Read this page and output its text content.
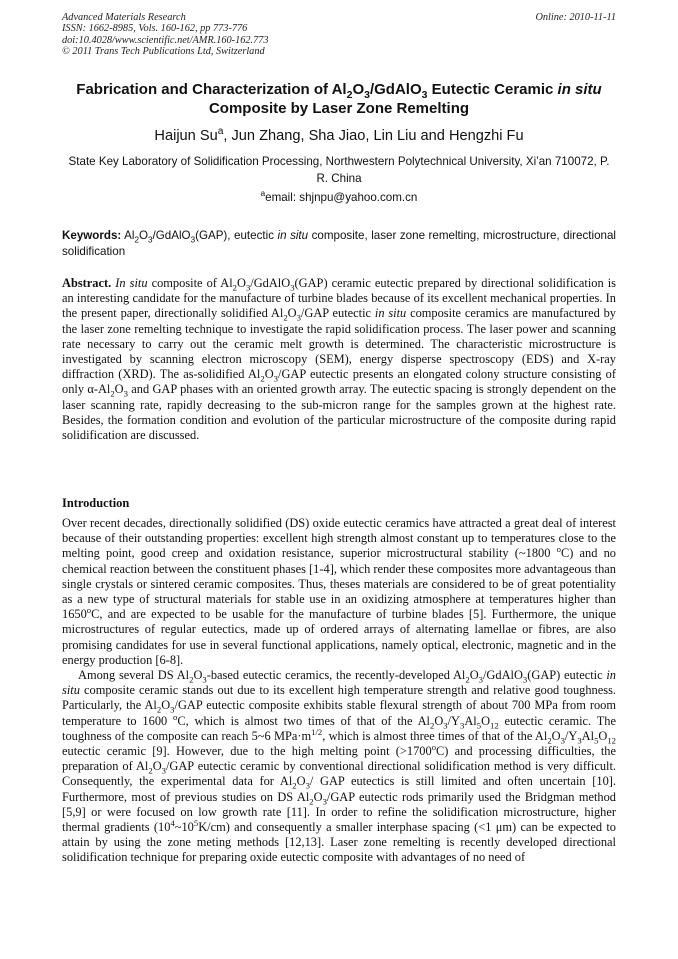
Advanced Materials Research
ISSN: 1662-8985, Vols. 160-162, pp 773-776
doi:10.4028/www.scientific.net/AMR.160-162.773
© 2011 Trans Tech Publications Ltd, Switzerland
Online: 2010-11-11
Fabrication and Characterization of $Al_2O_3/GdAlO_3$ Eutectic Ceramic in situ Composite by Laser Zone Remelting
Haijun Su$^a$, Jun Zhang, Sha Jiao, Lin Liu and Hengzhi Fu
State Key Laboratory of Solidification Processing, Northwestern Polytechnical University, Xi’an 710072, P. R. China
$^a$email: shjnpu@yahoo.com.cn
Keywords: $Al_2O_3/GdAlO_3(GAP)$, eutectic in situ composite, laser zone remelting, microstructure, directional solidification
Abstract. In situ composite of $Al_2O_3/GdAlO_3(GAP)$ ceramic eutectic prepared by directional solidification is an interesting candidate for the manufacture of turbine blades because of its excellent mechanical properties. In the present paper, directionally solidified $Al_2O_3$/GAP eutectic in situ composite ceramics are manufactured by the laser zone remelting technique to investigate the rapid solidification process. The laser power and scanning rate necessary to carry out the ceramic melt growth is determined. The characteristic microstructure is investigated by scanning electron microscopy (SEM), energy disperse spectroscopy (EDS) and X-ray diffraction (XRD). The as-solidified $Al_2O_3$/GAP eutectic presents an elongated colony structure consisting of only $\alpha-Al_2O_3$ and GAP phases with an oriented growth array. The eutectic spacing is strongly dependent on the laser scanning rate, rapidly decreasing to the sub-micron range for the samples grown at the highest rate. Besides, the formation condition and evolution of the particular microstructure of the composite during rapid solidification are discussed.
Introduction

Over recent decades, directionally solidified (DS) oxide eutectic ceramics have attracted a great deal of interest because of their outstanding properties: excellent high strength almost constant up to temperatures close to the melting point, good creep and oxidation resistance, superior microstructural stability (~1800 $^o$C) and no chemical reaction between the constituent phases [1-4], which render these composites more advantageous than single crystals or sintered ceramic composites. Thus, theses materials are considered to be of great potentiality as a new type of structural materials for stable use in an oxidizing atmosphere at temperatures higher than 1650$^o$C, and are expected to be usable for the manufacture of turbine blades [5]. Furthermore, the unique microstructures of regular eutectics, made up of ordered arrays of alternating lamellae or fibres, are also promising candidates for use in several functional applications, namely optical, electronic, magnetic and in the energy production [6-8].

Among several DS $Al_2O_3$-based eutectic ceramics, the recently-developed $Al_2O_3/GdAlO_3(GAP)$ eutectic in situ composite ceramic stands out due to its excellent high temperature strength and relative good toughness. Particularly, the $Al_2O_3$/GAP eutectic composite exhibits stable flexural strength of about 700 MPa from room temperature to 1600 $^o$C, which is almost two times of that of the $Al_2O_3/Y_3Al_5O_{12}$ eutectic ceramic. The toughness of the composite can reach 5~6 $MPa\cdot m^{1/2}$, which is almost three times of that of the $Al_2O_3/Y_3Al_5O_{12}$ eutectic ceramic [9]. However, due to the high melting point $(>1700^oC)$ and processing difficulties, the preparation of $Al_2O_3$/GAP eutectic ceramic by conventional directional solidification method is very difficult. Consequently, the experimental data for $Al_2O_3/$ GAP eutectics is still limited and often uncertain [10]. Furthermore, most of previous studies on DS $Al_2O_3$/GAP eutectic rods primarily used the Bridgman method [5,9] or were focused on low growth rate [11]. In order to refine the solidification microstructure, higher thermal gradients $(10^4\sim 10^5K/cm)$ and consequently a smaller interphase spacing (<1 μm) can be expected to attain by using the zone meting methods [12,13]. Laser zone remelting is recently developed directional solidification technique for preparing oxide eutectic composite with advantages of no need of
